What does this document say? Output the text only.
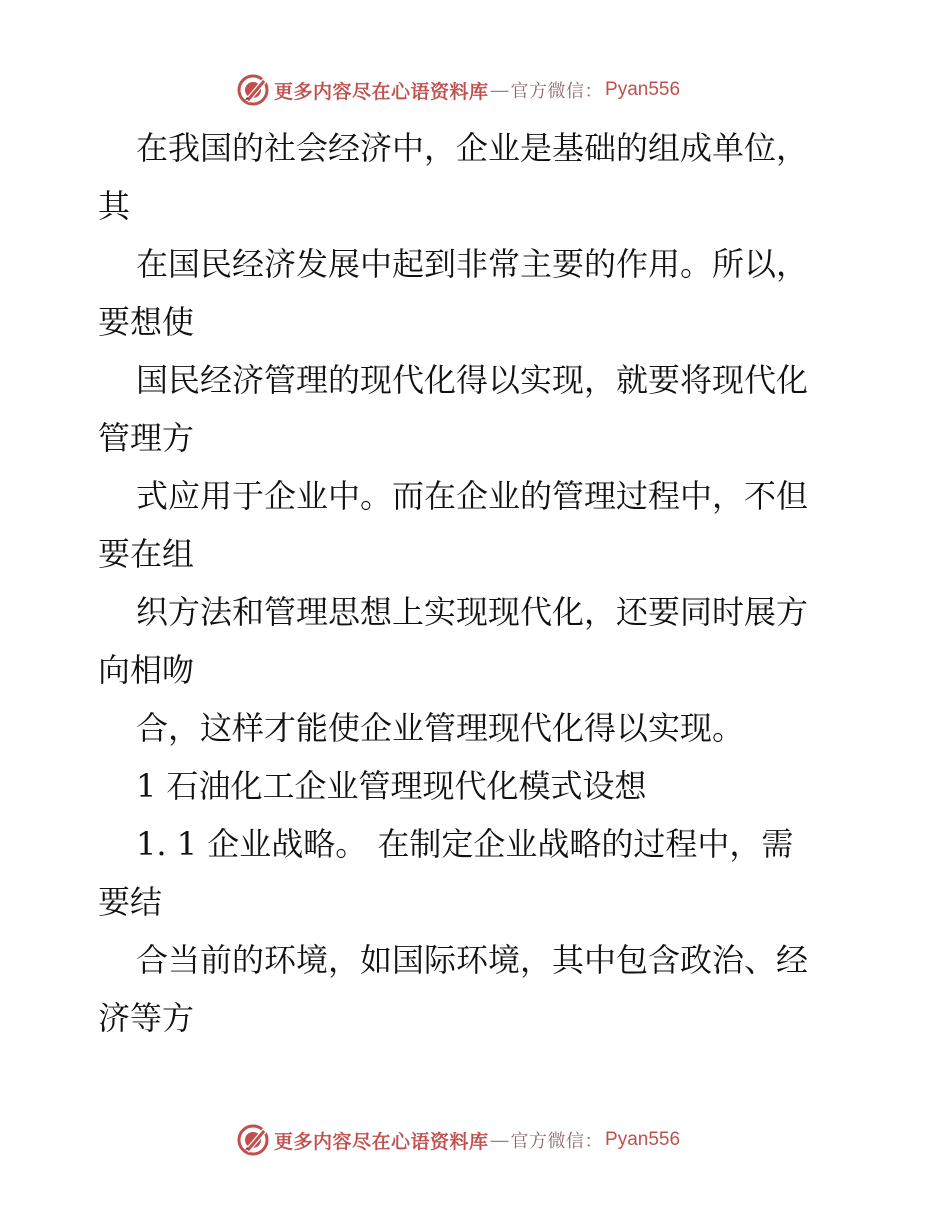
更多内容尽在心语资料库 — 官方微信： Pyan556
在我国的社会经济中，企业是基础的组成单位，
其
在国民经济发展中起到非常主要的作用。所以，
要想使
国民经济管理的现代化得以实现，就要将现代化
管理方
式应用于企业中。而在企业的管理过程中，不但
要在组
织方法和管理思想上实现现代化，还要同时展方
向相吻
合，这样才能使企业管理现代化得以实现。
1 石油化工企业管理现代化模式设想
1. 1 企业战略。 在制定企业战略的过程中，需
要结
合当前的环境，如国际环境，其中包含政治、经
济等方
更多内容尽在心语资料库 — 官方微信： Pyan556
